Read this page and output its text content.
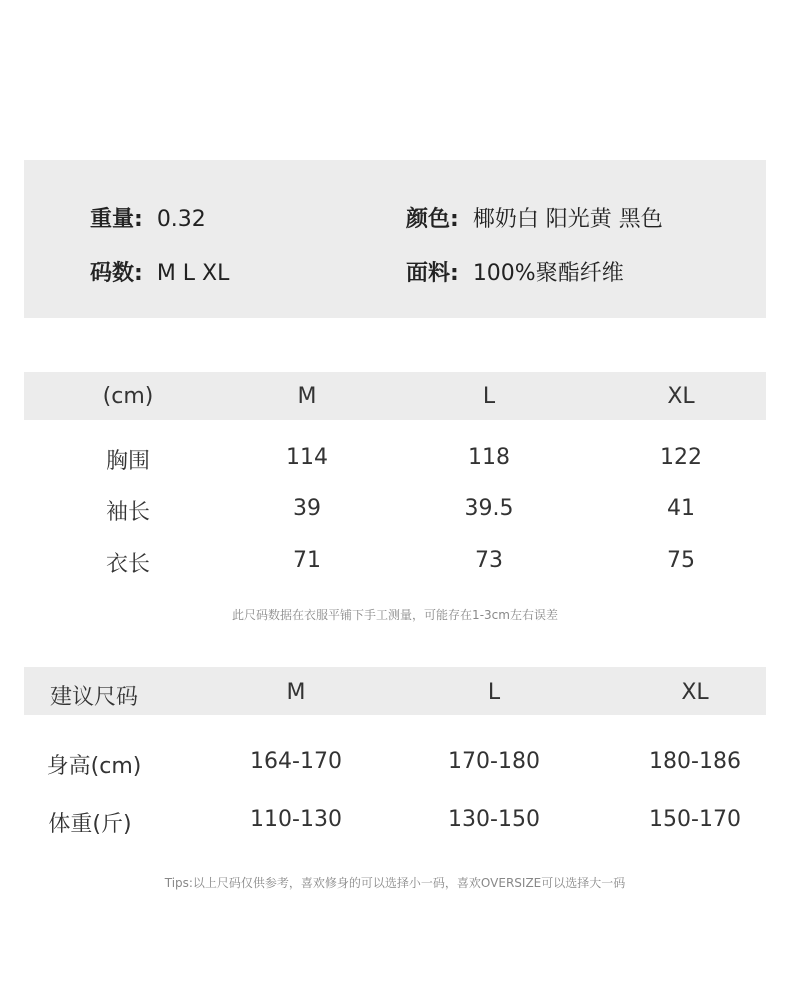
重量: 0.32	颜色: 椰奶白 阳光黄 黑色
码数: M L XL	面料: 100%聚酯纤维
(cm)	M	L	XL
胸围	114	118	122
袖长	39	39.5	41
衣长	71	73	75
此尺码数据在衣服平铺下手工测量，可能存在1-3cm左右误差
建议尺码	M	L	XL
身高(cm)	164-170	170-180	180-186
体重(斤)	110-130	130-150	150-170
Tips:以上尺码仅供参考，喜欢修身的可以选择小一码，喜欢OVERSIZE可以选择大一码
